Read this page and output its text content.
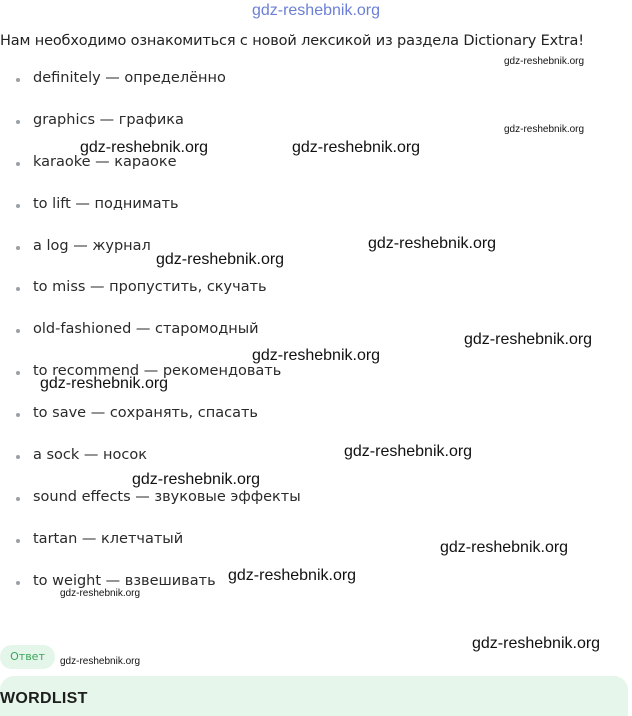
gdz-reshebnik.org
Нам необходимо ознакомиться с новой лексикой из раздела Dictionary Extra!
definitely — определённо
graphics — графика
karaoke — караоке
to lift — поднимать
a log — журнал
to miss — пропустить, скучать
old-fashioned — старомодный
to recommend — рекомендовать
to save — сохранять, спасать
a sock — носок
sound effects — звуковые эффекты
tartan — клетчатый
to weight — взвешивать
Ответ
WORDLIST
gdz-reshebnik.org
gdz-reshebnik.org
gdz-reshebnik.org	gdz-reshebnik.org
gdz-reshebnik.org
gdz-reshebnik.org
gdz-reshebnik.org
gdz-reshebnik.org
gdz-reshebnik.org
gdz-reshebnik.org
gdz-reshebnik.org
gdz-reshebnik.org
gdz-reshebnik.org
gdz-reshebnik.org
gdz-reshebnik.org
gdz-reshebnik.org
